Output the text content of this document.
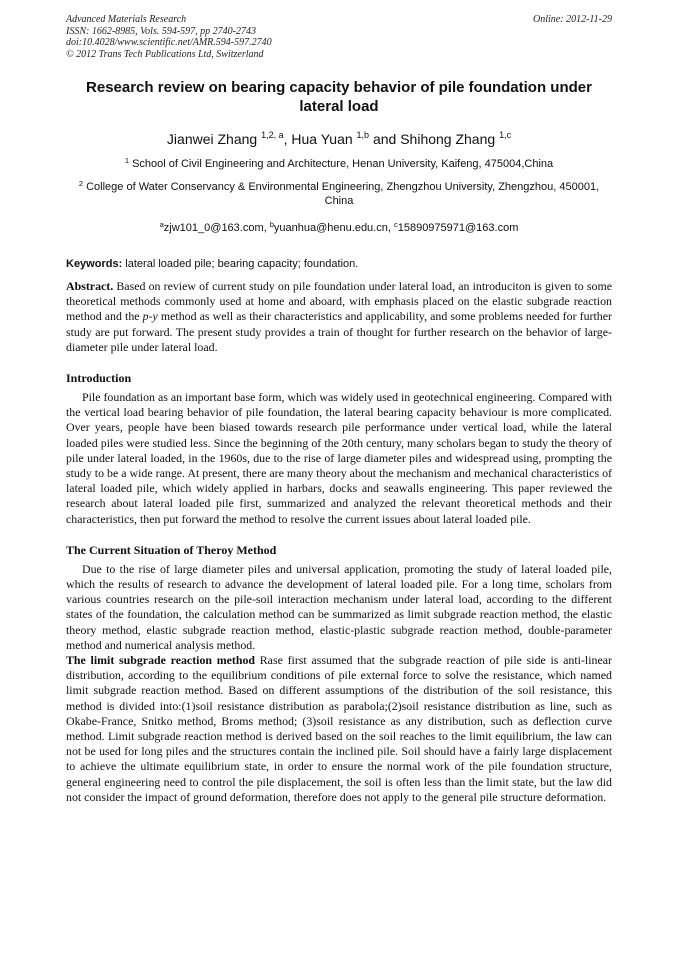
Online: 2012-11-29
Advanced Materials Research
ISSN: 1662-8985, Vols. 594-597, pp 2740-2743
doi:10.4028/www.scientific.net/AMR.594-597.2740
© 2012 Trans Tech Publications Ltd, Switzerland
Research review on bearing capacity behavior of pile foundation under lateral load
Jianwei Zhang $^{1,2, a}$, Hua Yuan $^{1,b}$ and Shihong Zhang $^{1,c}$
$^1$ School of Civil Engineering and Architecture, Henan University, Kaifeng, 475004,China
$^2$ College of Water Conservancy & Environmental Engineering, Zhengzhou University, Zhengzhou, 450001, China
$^a$zjw101_0@163.com, $^b$yuanhua@henu.edu.cn, $^c$15890975971@163.com
Keywords: lateral loaded pile; bearing capacity; foundation.

Abstract. Based on review of current study on pile foundation under lateral load, an introduciton is given to some theoretical methods commonly used at home and aboard, with emphasis placed on the elastic subgrade reaction method and the p-y method as well as their characteristics and applicability, and some problems needed for further study are put forward. The present study provides a train of thought for further research on the behavior of large-diameter pile under lateral load.

Introduction

Pile foundation as an important base form, which was widely used in geotechnical engineering. Compared with the vertical load bearing behavior of pile foundation, the lateral bearing capacity behaviour is more complicated. Over years, people have been biased towards research pile performance under vertical load, while the lateral loaded piles were studied less. Since the beginning of the 20th century, many scholars began to study the theory of pile under lateral loaded, in the 1960s, due to the rise of large diameter piles and widespread using, prompting the study to be a wide range. At present, there are many theory about the mechanism and mechanical characteristics of lateral loaded pile, which widely applied in harbars, docks and seawalls engineering. This paper reviewed the research about lateral loaded pile first, summarized and analyzed the relevant theoretical methods and their characteristics, then put forward the method to resolve the current issues about lateral loaded pile.

The Current Situation of Theroy Method

Due to the rise of large diameter piles and universal application, promoting the study of lateral loaded pile, which the results of research to advance the development of lateral loaded pile. For a long time, scholars from various countries research on the pile-soil interaction mechanism under lateral load, according to the different states of the foundation, the calculation method can be summarized as limit subgrade reaction method, the elastic theory method, elastic subgrade reaction method, elastic-plastic subgrade reaction method, double-parameter method and numerical analysis method.

The limit subgrade reaction method Rase first assumed that the subgrade reaction of pile side is anti-linear distribution, according to the equilibrium conditions of pile external force to solve the resistance, which named limit subgrade reaction method. Based on different assumptions of the distribution of the soil resistance, this method is divided into:(1)soil resistance distribution as parabola;(2)soil resistance distribution as line, such as Okabe-France, Snitko method, Broms method; (3)soil resistance as any distribution, such as deflection curve method. Limit subgrade reaction method is derived based on the soil reaches to the limit equilibrium, the law can not be used for long piles and the structures contain the inclined pile. Soil should have a fairly large displacement to achieve the ultimate equilibrium state, in order to ensure the normal work of the pile foundation structure, general engineering need to control the pile displacement, the soil is often less than the limit state, but the law did not consider the impact of ground deformation, therefore does not apply to the general pile structure deformation.
